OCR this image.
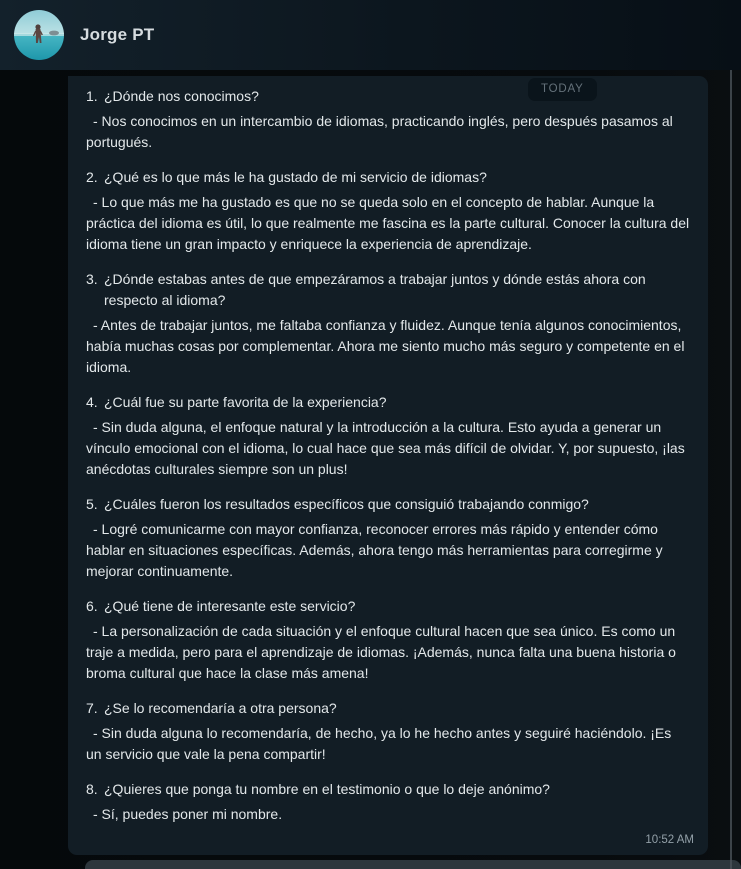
Jorge PT
TODAY
1. ¿Dónde nos conocimos?
- Nos conocimos en un intercambio de idiomas, practicando inglés, pero después pasamos al portugués.
2. ¿Qué es lo que más le ha gustado de mi servicio de idiomas?
- Lo que más me ha gustado es que no se queda solo en el concepto de hablar. Aunque la práctica del idioma es útil, lo que realmente me fascina es la parte cultural. Conocer la cultura del idioma tiene un gran impacto y enriquece la experiencia de aprendizaje.
3. ¿Dónde estabas antes de que empezáramos a trabajar juntos y dónde estás ahora con respecto al idioma?
- Antes de trabajar juntos, me faltaba confianza y fluidez. Aunque tenía algunos conocimientos, había muchas cosas por complementar. Ahora me siento mucho más seguro y competente en el idioma.
4. ¿Cuál fue su parte favorita de la experiencia?
- Sin duda alguna, el enfoque natural y la introducción a la cultura. Esto ayuda a generar un vínculo emocional con el idioma, lo cual hace que sea más difícil de olvidar. Y, por supuesto, ¡las anécdotas culturales siempre son un plus!
5. ¿Cuáles fueron los resultados específicos que consiguió trabajando conmigo?
- Logré comunicarme con mayor confianza, reconocer errores más rápido y entender cómo hablar en situaciones específicas. Además, ahora tengo más herramientas para corregirme y mejorar continuamente.
6. ¿Qué tiene de interesante este servicio?
- La personalización de cada situación y el enfoque cultural hacen que sea único. Es como un traje a medida, pero para el aprendizaje de idiomas. ¡Además, nunca falta una buena historia o broma cultural que hace la clase más amena!
7. ¿Se lo recomendaría a otra persona?
- Sin duda alguna lo recomendaría, de hecho, ya lo he hecho antes y seguiré haciéndolo. ¡Es un servicio que vale la pena compartir!
8. ¿Quieres que ponga tu nombre en el testimonio o que lo deje anónimo?
- Sí, puedes poner mi nombre.
10:52 AM
